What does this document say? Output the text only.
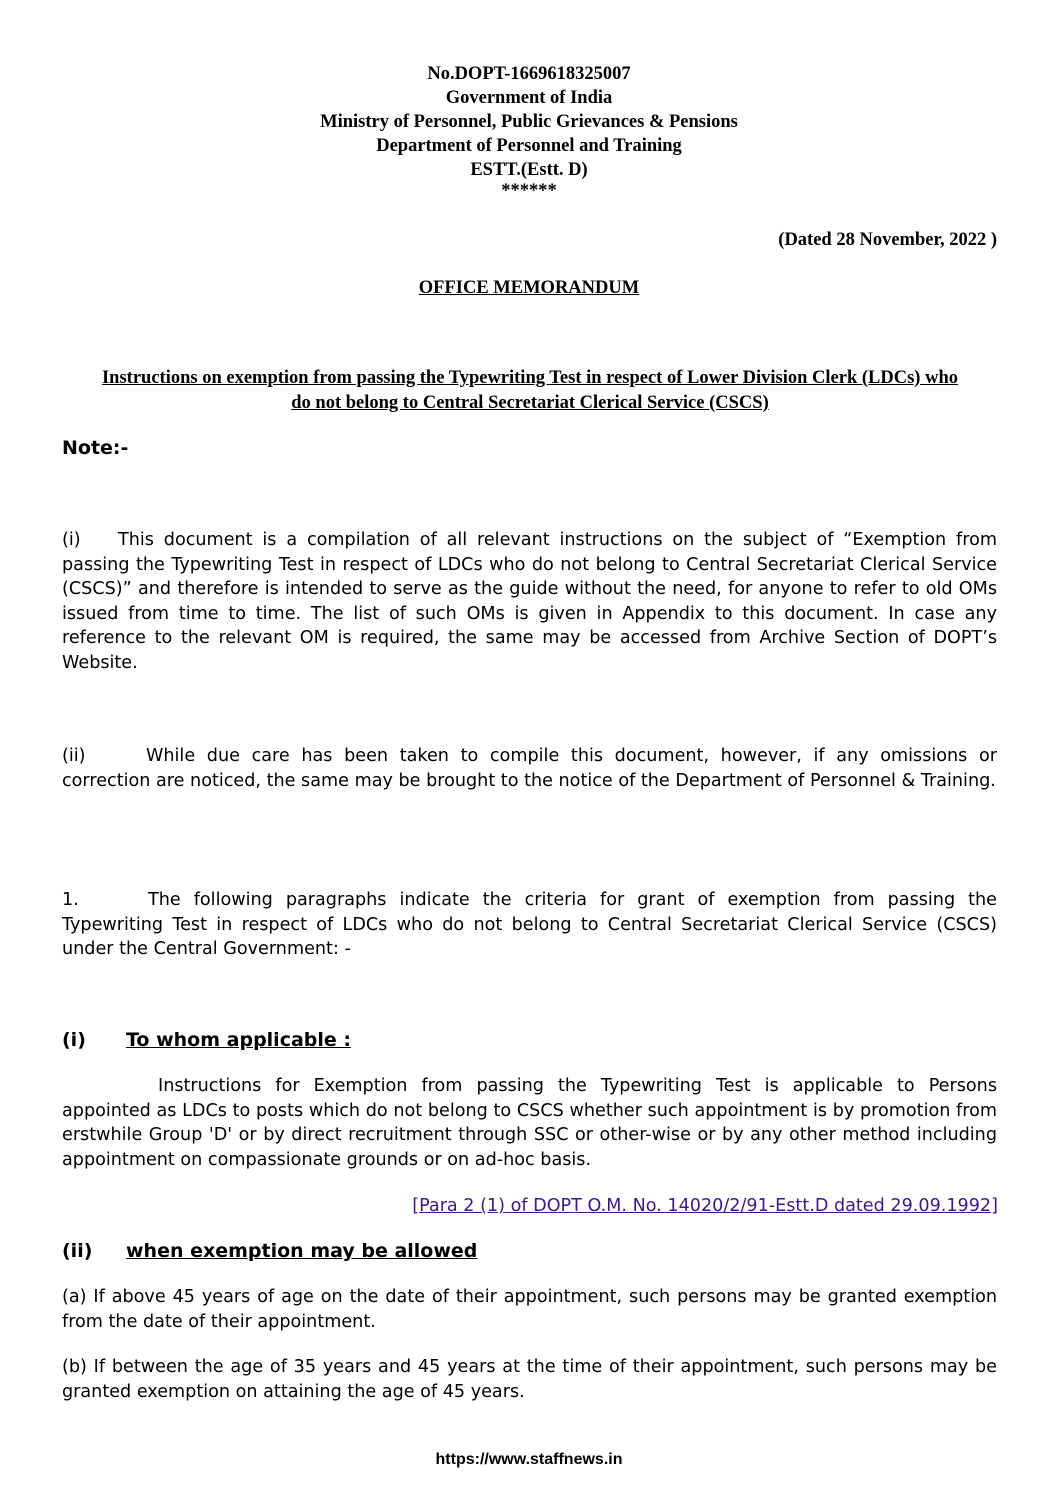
No.DOPT-1669618325007
Government of India
Ministry of Personnel, Public Grievances & Pensions
Department of Personnel and Training
ESTT.(Estt. D)
******
(Dated 28 November, 2022 )
OFFICE MEMORANDUM
Instructions on exemption from passing the Typewriting Test in respect of Lower Division Clerk (LDCs) who do not belong to Central Secretariat Clerical Service (CSCS)
Note:-
(i) This document is a compilation of all relevant instructions on the subject of “Exemption from passing the Typewriting Test in respect of LDCs who do not belong to Central Secretariat Clerical Service (CSCS)” and therefore is intended to serve as the guide without the need, for anyone to refer to old OMs issued from time to time. The list of such OMs is given in Appendix to this document. In case any reference to the relevant OM is required, the same may be accessed from Archive Section of DOPT’s Website.
(ii)	While due care has been taken to compile this document, however, if any omissions or correction are noticed, the same may be brought to the notice of the Department of Personnel & Training.
1.	The following paragraphs indicate the criteria for grant of exemption from passing the Typewriting Test in respect of LDCs who do not belong to Central Secretariat Clerical Service (CSCS) under the Central Government: -
(i) To whom applicable :
Instructions for Exemption from passing the Typewriting Test is applicable to Persons appointed as LDCs to posts which do not belong to CSCS whether such appointment is by promotion from erstwhile Group 'D' or by direct recruitment through SSC or other-wise or by any other method including appointment on compassionate grounds or on ad-hoc basis.
[Para 2 (1) of DOPT O.M. No. 14020/2/91-Estt.D dated 29.09.1992]
(ii) when exemption may be allowed
(a) If above 45 years of age on the date of their appointment, such persons may be granted exemption from the date of their appointment.
(b) If between the age of 35 years and 45 years at the time of their appointment, such persons may be granted exemption on attaining the age of 45 years.
https://www.staffnews.in
